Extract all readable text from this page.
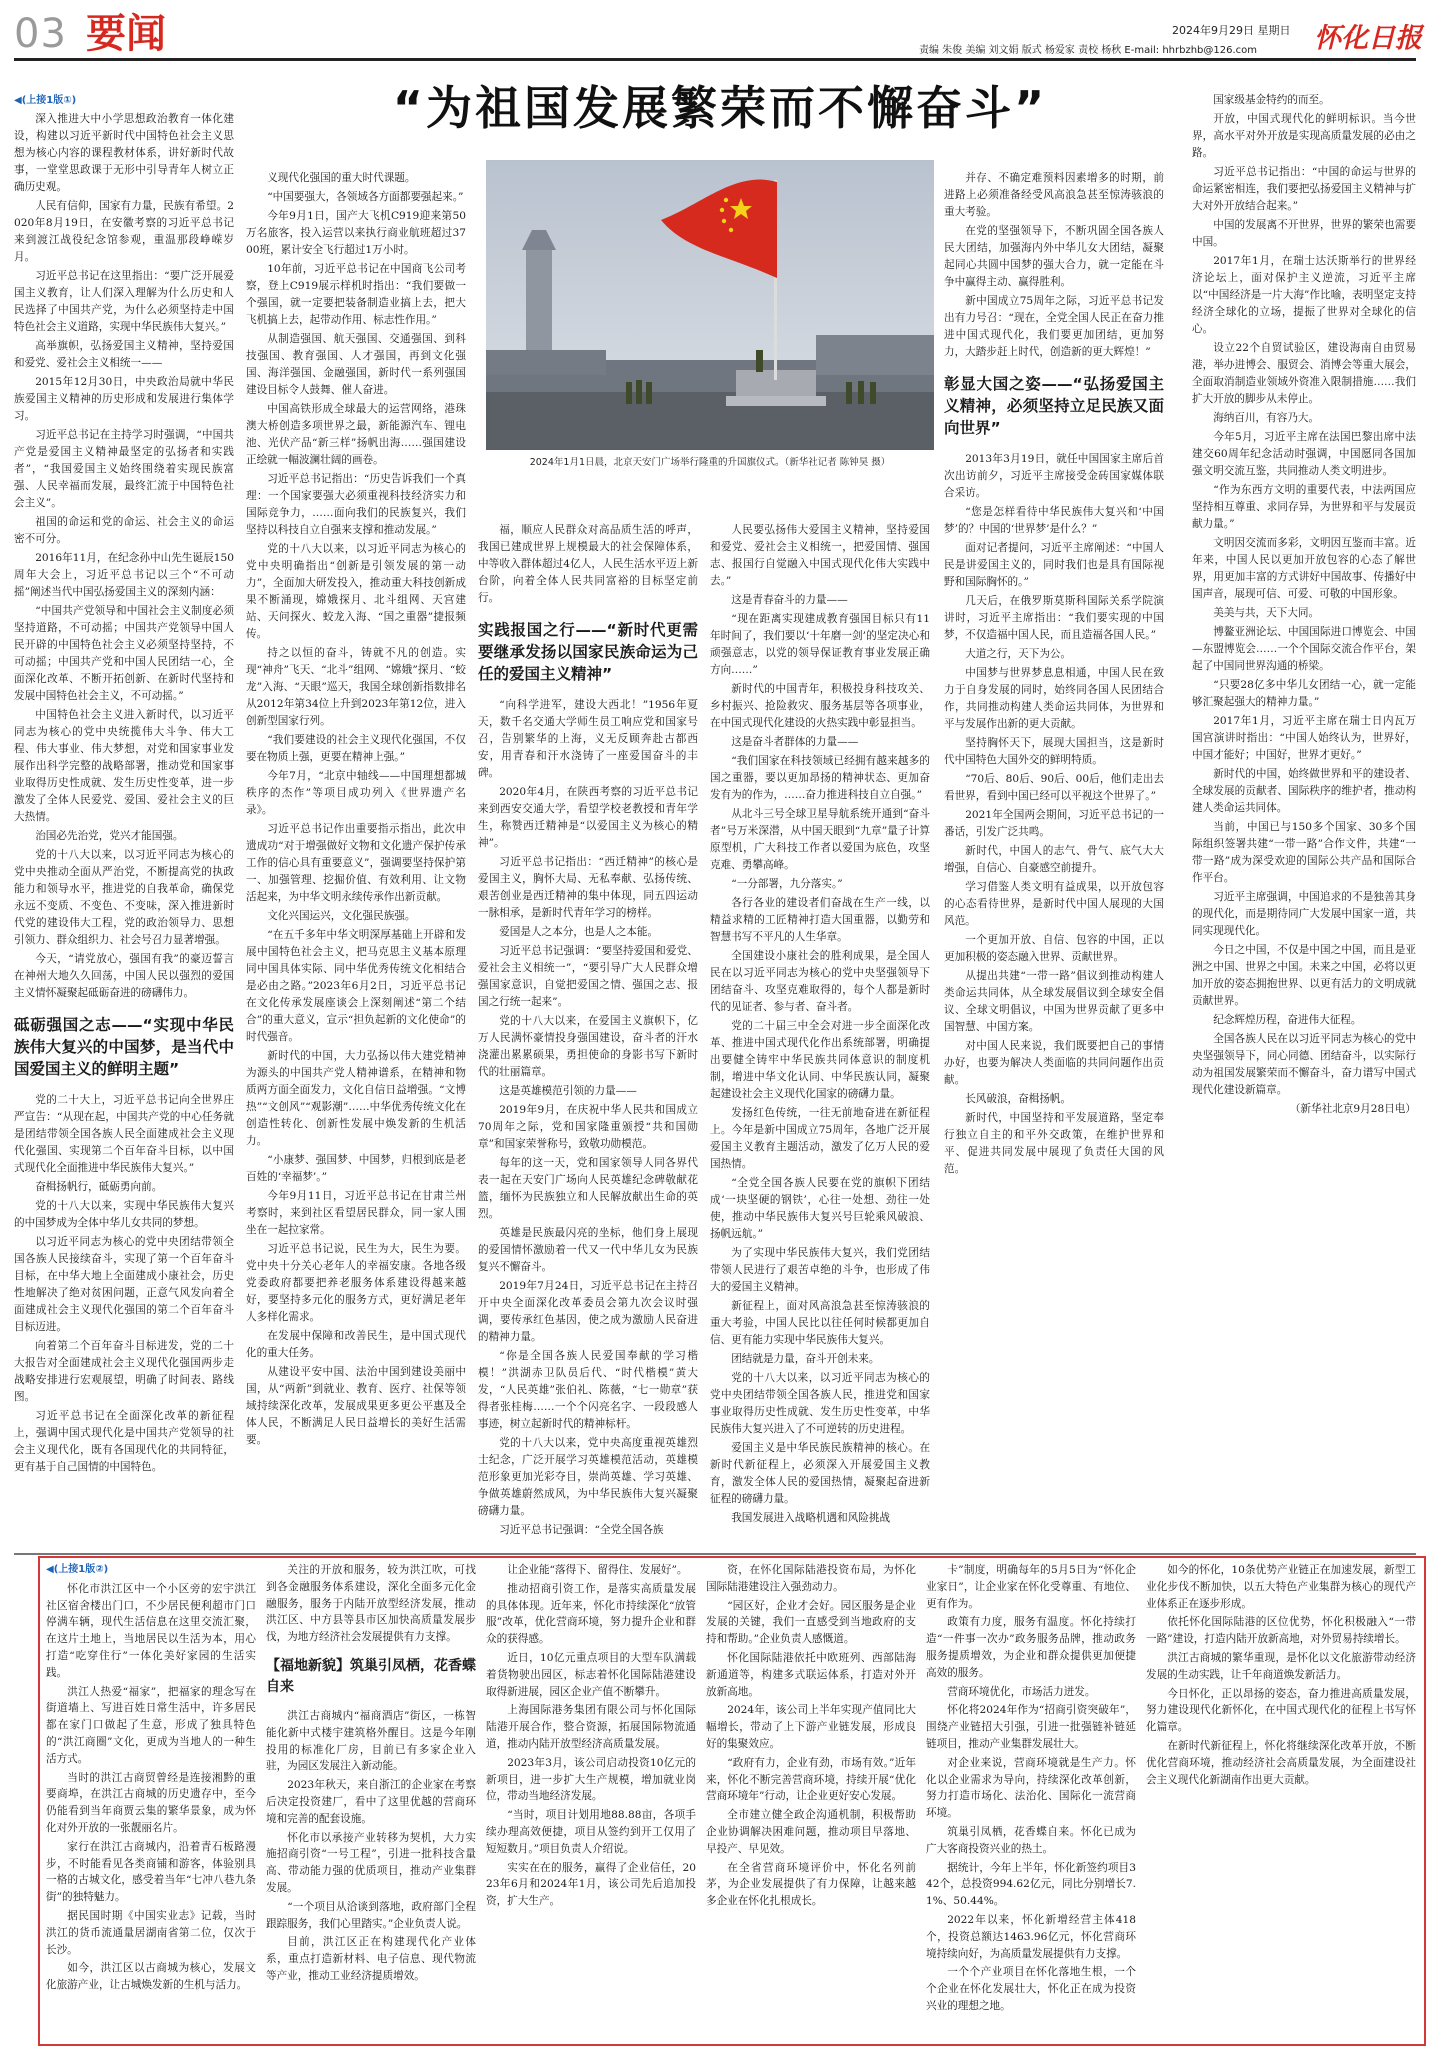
03 要闻	2024年9月29日 星期日
责编 朱俊 美编 刘文娟 版式 杨爱家 责校 杨秋 E-mail: hhrbzhb@126.com 怀化日报
“为祖国发展繁荣而不懈奋斗”
2024年1月1日晨，北京天安门广场举行隆重的升国旗仪式。（新华社记者 陈钟昊 摄）
◀(上接1版①)

深入推进大中小学思想政治教育一体化建设，构建以习近平新时代中国特色社会主义思想为核心内容的课程教材体系，讲好新时代故事，一堂堂思政课于无形中引导青年人树立正确历史观。

人民有信仰，国家有力量，民族有希望。2020年8月19日，在安徽考察的习近平总书记来到渡江战役纪念馆参观，重温那段峥嵘岁月。

习近平总书记在这里指出：“要广泛开展爱国主义教育，让人们深入理解为什么历史和人民选择了中国共产党，为什么必须坚持走中国特色社会主义道路，实现中华民族伟大复兴。”

高举旗帜，弘扬爱国主义精神，坚持爱国和爱党、爱社会主义相统一——

2015年12月30日，中央政治局就中华民族爱国主义精神的历史形成和发展进行集体学习。

习近平总书记在主持学习时强调，“中国共产党是爱国主义精神最坚定的弘扬者和实践者”，“我国爱国主义始终围绕着实现民族富强、人民幸福而发展，最终汇流于中国特色社会主义”。

祖国的命运和党的命运、社会主义的命运密不可分。

2016年11月，在纪念孙中山先生诞辰150周年大会上，习近平总书记以三个“不可动摇”阐述当代中国弘扬爱国主义的深刻内涵：

“中国共产党领导和中国社会主义制度必须坚持道路，不可动摇；中国共产党领导中国人民开辟的中国特色社会主义必须坚持坚持，不可动摇；中国共产党和中国人民团结一心，全面深化改革、不断开拓创新、在新时代坚持和发展中国特色社会主义，不可动摇。”

中国特色社会主义进入新时代，以习近平同志为核心的党中央统揽伟大斗争、伟大工程、伟大事业、伟大梦想，对党和国家事业发展作出科学完整的战略部署，推动党和国家事业取得历史性成就、发生历史性变革，进一步激发了全体人民爱党、爱国、爱社会主义的巨大热情。

治国必先治党，党兴才能国强。

党的十八大以来，以习近平同志为核心的党中央推动全面从严治党，不断提高党的执政能力和领导水平，推进党的自我革命，确保党永远不变质、不变色、不变味，深入推进新时代党的建设伟大工程，党的政治领导力、思想引领力、群众组织力、社会号召力显著增强。

今天，“请党放心，强国有我”的豪迈誓言在神州大地久久回荡，中国人民以强烈的爱国主义情怀凝聚起砥砺奋进的磅礴伟力。

砥砺强国之志——“实现中华民族伟大复兴的中国梦，是当代中国爱国主义的鲜明主题”

党的二十大上，习近平总书记向全世界庄严宣告：“从现在起，中国共产党的中心任务就是团结带领全国各族人民全面建成社会主义现代化强国、实现第二个百年奋斗目标，以中国式现代化全面推进中华民族伟大复兴。”

奋楫扬帆行，砥砺勇向前。

党的十八大以来，实现中华民族伟大复兴的中国梦成为全体中华儿女共同的梦想。

以习近平同志为核心的党中央团结带领全国各族人民接续奋斗，实现了第一个百年奋斗目标，在中华大地上全面建成小康社会，历史性地解决了绝对贫困问题，正意气风发向着全面建成社会主义现代化强国的第二个百年奋斗目标迈进。

向着第二个百年奋斗目标进发，党的二十大报告对全面建成社会主义现代化强国两步走战略安排进行宏观展望，明确了时间表、路线图。

习近平总书记在全面深化改革的新征程上，强调中国式现代化是中国共产党领导的社会主义现代化，既有各国现代化的共同特征，更有基于自己国情的中国特色。

义现代化强国的重大时代课题。

“中国要强大，各领域各方面都要强起来。”

今年9月1日，国产大飞机C919迎来第50万名旅客，投入运营以来执行商业航班超过3700班，累计安全飞行超过1万小时。

10年前，习近平总书记在中国商飞公司考察，登上C919展示样机时指出：“我们要做一个强国，就一定要把装备制造业搞上去，把大飞机搞上去，起带动作用、标志性作用。”

从制造强国、航天强国、交通强国、到科技强国、教育强国、人才强国，再到文化强国、海洋强国、金融强国，新时代一系列强国建设目标令人鼓舞、催人奋进。

中国高铁形成全球最大的运营网络，港珠澳大桥创造多项世界之最，新能源汽车、锂电池、光伏产品“新三样”扬帆出海……强国建设正绘就一幅波澜壮阔的画卷。

习近平总书记指出：“历史告诉我们一个真理：一个国家要强大必须重视科技经济实力和国际竞争力，……面向我们的民族复兴，我们坚持以科技自立自强来支撑和推动发展。”

党的十八大以来，以习近平同志为核心的党中央明确指出“创新是引领发展的第一动力”，全面加大研发投入，推动重大科技创新成果不断涌现，嫦娥探月、北斗组网、天宫建站、天问探火、蛟龙入海、“国之重器”捷报频传。

持之以恒的奋斗，铸就不凡的创造。实现“神舟”飞天、“北斗”组网、“嫦娥”探月、“蛟龙”入海、“天眼”巡天，我国全球创新指数排名从2012年第34位上升到2023年第12位，进入创新型国家行列。

“我们要建设的社会主义现代化强国，不仅要在物质上强，更要在精神上强。”

今年7月，“北京中轴线——中国理想都城秩序的杰作”等项目成功列入《世界遗产名录》。

习近平总书记作出重要指示指出，此次申遗成功“对于增强做好文物和文化遗产保护传承工作的信心具有重要意义”，强调要坚持保护第一、加强管理、挖掘价值、有效利用、让文物活起来，为中华文明永续传承作出新贡献。

文化兴国运兴，文化强民族强。

“在五千多年中华文明深厚基础上开辟和发展中国特色社会主义，把马克思主义基本原理同中国具体实际、同中华优秀传统文化相结合是必由之路。”2023年6月2日，习近平总书记在文化传承发展座谈会上深刻阐述“第二个结合”的重大意义，宣示“担负起新的文化使命”的时代强音。

新时代的中国，大力弘扬以伟大建党精神为源头的中国共产党人精神谱系，在精神和物质两方面全面发力，文化自信日益增强。“文博热”“文创风”“观影潮”……中华优秀传统文化在创造性转化、创新性发展中焕发新的生机活力。

“小康梦、强国梦、中国梦，归根到底是老百姓的‘幸福梦’。”

今年9月11日，习近平总书记在甘肃兰州考察时，来到社区看望居民群众，同一家人围坐在一起拉家常。

习近平总书记说，民生为大，民生为要。党中央十分关心老年人的幸福安康。各地各级党委政府都要把养老服务体系建设得越来越好，要坚持多元化的服务方式，更好满足老年人多样化需求。

在发展中保障和改善民生，是中国式现代化的重大任务。

从建设平安中国、法治中国到建设美丽中国，从“两新”到就业、教育、医疗、社保等领域持续深化改革，发展成果更多更公平惠及全体人民，不断满足人民日益增长的美好生活需要。

福，顺应人民群众对高品质生活的呼声，我国已建成世界上规模最大的社会保障体系，中等收入群体超过4亿人，人民生活水平迈上新台阶，向着全体人民共同富裕的目标坚定前行。

实践报国之行——“新时代更需要继承发扬以国家民族命运为己任的爱国主义精神”

“向科学进军，建设大西北！”1956年夏天，数千名交通大学师生员工响应党和国家号召，告别繁华的上海，义无反顾奔赴古都西安，用青春和汗水浇铸了一座爱国奋斗的丰碑。

2020年4月，在陕西考察的习近平总书记来到西安交通大学，看望学校老教授和青年学生，称赞西迁精神是“以爱国主义为核心的精神”。

习近平总书记指出：“西迁精神”的核心是爱国主义，胸怀大局、无私奉献、弘扬传统、艰苦创业是西迁精神的集中体现，同五四运动一脉相承，是新时代青年学习的榜样。

爱国是人之本分，也是人之本能。

习近平总书记强调：“要坚持爱国和爱党、爱社会主义相统一”，“要引导广大人民群众增强国家意识，自觉把爱国之情、强国之志、报国之行统一起来”。

党的十八大以来，在爱国主义旗帜下，亿万人民满怀豪情投身强国建设，奋斗者的汗水浇灌出累累硕果，勇担使命的身影书写下新时代的壮丽篇章。

这是英雄模范引领的力量——

2019年9月，在庆祝中华人民共和国成立70周年之际，党和国家隆重颁授“共和国勋章”和国家荣誉称号，致敬功勋模范。

每年的这一天，党和国家领导人同各界代表一起在天安门广场向人民英雄纪念碑敬献花篮，缅怀为民族独立和人民解放献出生命的英烈。

英雄是民族最闪亮的坐标，他们身上展现的爱国情怀激励着一代又一代中华儿女为民族复兴不懈奋斗。

2019年7月24日，习近平总书记在主持召开中央全面深化改革委员会第九次会议时强调，要传承红色基因，使之成为激励人民奋进的精神力量。

“你是全国各族人民爱国奉献的学习楷模！”洪湖赤卫队员后代、“时代楷模”黄大发，“人民英雄”张伯礼、陈薇，“七一勋章”获得者张桂梅……一个个闪亮名字、一段段感人事迹，树立起新时代的精神标杆。

党的十八大以来，党中央高度重视英雄烈士纪念，广泛开展学习英雄模范活动，英雄模范形象更加光彩夺目，崇尚英雄、学习英雄、争做英雄蔚然成风，为中华民族伟大复兴凝聚磅礴力量。

习近平总书记强调：“全党全国各族

人民要弘扬伟大爱国主义精神，坚持爱国和爱党、爱社会主义相统一，把爱国情、强国志、报国行自觉融入中国式现代化伟大实践中去。”

这是青春奋斗的力量——

“现在距离实现建成教育强国目标只有11年时间了，我们要以‘十年磨一剑’的坚定决心和顽强意志，以党的领导保证教育事业发展正确方向……”

新时代的中国青年，积极投身科技攻关、乡村振兴、抢险救灾、服务基层等各项事业，在中国式现代化建设的火热实践中彰显担当。

这是奋斗者群体的力量——

“我们国家在科技领域已经拥有越来越多的国之重器，要以更加昂扬的精神状态、更加奋发有为的作为，……奋力推进科技自立自强。”

从北斗三号全球卫星导航系统开通到“奋斗者”号万米深潜，从中国天眼到“九章”量子计算原型机，广大科技工作者以爱国为底色，攻坚克难、勇攀高峰。

“一分部署，九分落实。”

各行各业的建设者们奋战在生产一线，以精益求精的工匠精神打造大国重器，以勤劳和智慧书写不平凡的人生华章。

全国建设小康社会的胜利成果，是全国人民在以习近平同志为核心的党中央坚强领导下团结奋斗、攻坚克难取得的，每个人都是新时代的见证者、参与者、奋斗者。

党的二十届三中全会对进一步全面深化改革、推进中国式现代化作出系统部署，明确提出要健全铸牢中华民族共同体意识的制度机制，增进中华文化认同、中华民族认同，凝聚起建设社会主义现代化国家的磅礴力量。

发扬红色传统，一往无前地奋进在新征程上。今年是新中国成立75周年，各地广泛开展爱国主义教育主题活动，激发了亿万人民的爱国热情。

“全党全国各族人民要在党的旗帜下团结成‘一块坚硬的钢铁’，心往一处想、劲往一处使，推动中华民族伟大复兴号巨轮乘风破浪、扬帆远航。”

为了实现中华民族伟大复兴，我们党团结带领人民进行了艰苦卓绝的斗争，也形成了伟大的爱国主义精神。

新征程上，面对风高浪急甚至惊涛骇浪的重大考验，中国人民比以往任何时候都更加自信、更有能力实现中华民族伟大复兴。

团结就是力量，奋斗开创未来。

党的十八大以来，以习近平同志为核心的党中央团结带领全国各族人民，推进党和国家事业取得历史性成就、发生历史性变革，中华民族伟大复兴进入了不可逆转的历史进程。

爱国主义是中华民族民族精神的核心。在新时代新征程上，必须深入开展爱国主义教育，激发全体人民的爱国热情，凝聚起奋进新征程的磅礴力量。

我国发展进入战略机遇和风险挑战

并存、不确定难预料因素增多的时期，前进路上必须准备经受风高浪急甚至惊涛骇浪的重大考验。

在党的坚强领导下，不断巩固全国各族人民大团结，加强海内外中华儿女大团结，凝聚起同心共圆中国梦的强大合力，就一定能在斗争中赢得主动、赢得胜利。

新中国成立75周年之际，习近平总书记发出有力号召：“现在，全党全国人民正在奋力推进中国式现代化，我们要更加团结，更加努力，大踏步赶上时代，创造新的更大辉煌！”

彰显大国之姿——“弘扬爱国主义精神，必须坚持立足民族又面向世界”

2013年3月19日，就任中国国家主席后首次出访前夕，习近平主席接受金砖国家媒体联合采访。

“您是怎样看待中华民族伟大复兴和‘中国梦’的？中国的‘世界梦’是什么？”

面对记者提问，习近平主席阐述：“中国人民是讲爱国主义的，同时我们也是具有国际视野和国际胸怀的。”

几天后，在俄罗斯莫斯科国际关系学院演讲时，习近平主席指出：“我们要实现的中国梦，不仅造福中国人民，而且造福各国人民。”

大道之行，天下为公。

中国梦与世界梦息息相通，中国人民在致力于自身发展的同时，始终同各国人民团结合作，共同推动构建人类命运共同体，为世界和平与发展作出新的更大贡献。

坚持胸怀天下，展现大国担当，这是新时代中国特色大国外交的鲜明特质。

“70后、80后、90后、00后，他们走出去看世界，看到中国已经可以平视这个世界了。”

2021年全国两会期间，习近平总书记的一番话，引发广泛共鸣。

新时代，中国人的志气、骨气、底气大大增强，自信心、自豪感空前提升。

学习借鉴人类文明有益成果，以开放包容的心态看待世界，是新时代中国人展现的大国风范。

一个更加开放、自信、包容的中国，正以更加积极的姿态融入世界、贡献世界。

从提出共建“一带一路”倡议到推动构建人类命运共同体，从全球发展倡议到全球安全倡议、全球文明倡议，中国为世界贡献了更多中国智慧、中国方案。

对中国人民来说，我们既要把自己的事情办好，也要为解决人类面临的共同问题作出贡献。

长风破浪，奋楫扬帆。

新时代，中国坚持和平发展道路，坚定奉行独立自主的和平外交政策，在维护世界和平、促进共同发展中展现了负责任大国的风范。

国家级基金特约的而至。

开放，中国式现代化的鲜明标识。当今世界，高水平对外开放是实现高质量发展的必由之路。

习近平总书记指出：“中国的命运与世界的命运紧密相连，我们要把弘扬爱国主义精神与扩大对外开放结合起来。”

中国的发展离不开世界，世界的繁荣也需要中国。

2017年1月，在瑞士达沃斯举行的世界经济论坛上，面对保护主义逆流，习近平主席以“中国经济是一片大海”作比喻，表明坚定支持经济全球化的立场，提振了世界对全球化的信心。

设立22个自贸试验区，建设海南自由贸易港，举办进博会、服贸会、消博会等重大展会，全面取消制造业领域外资准入限制措施……我们扩大开放的脚步从未停止。

海纳百川，有容乃大。

今年5月，习近平主席在法国巴黎出席中法建交60周年纪念活动时强调，中国愿同各国加强文明交流互鉴，共同推动人类文明进步。

“作为东西方文明的重要代表，中法两国应坚持相互尊重、求同存异，为世界和平与发展贡献力量。”

文明因交流而多彩，文明因互鉴而丰富。近年来，中国人民以更加开放包容的心态了解世界，用更加丰富的方式讲好中国故事、传播好中国声音，展现可信、可爱、可敬的中国形象。

美美与共，天下大同。

博鳌亚洲论坛、中国国际进口博览会、中国—东盟博览会……一个个国际交流合作平台，架起了中国同世界沟通的桥梁。

“只要28亿多中华儿女团结一心，就一定能够汇聚起强大的精神力量。”

2017年1月，习近平主席在瑞士日内瓦万国宫演讲时指出：“中国人始终认为，世界好，中国才能好；中国好，世界才更好。”

新时代的中国，始终做世界和平的建设者、全球发展的贡献者、国际秩序的维护者，推动构建人类命运共同体。

当前，中国已与150多个国家、30多个国际组织签署共建“一带一路”合作文件，共建“一带一路”成为深受欢迎的国际公共产品和国际合作平台。

习近平主席强调，中国追求的不是独善其身的现代化，而是期待同广大发展中国家一道，共同实现现代化。

今日之中国，不仅是中国之中国，而且是亚洲之中国、世界之中国。未来之中国，必将以更加开放的姿态拥抱世界、以更有活力的文明成就贡献世界。

纪念辉煌历程，奋进伟大征程。

全国各族人民在以习近平同志为核心的党中央坚强领导下，同心同德、团结奋斗，以实际行动为祖国发展繁荣而不懈奋斗，奋力谱写中国式现代化建设新篇章。

（新华社北京9月28日电）

◀(上接1版②)

怀化市洪江区中一个小区旁的宏宇洪江社区宿舍楼出门口，不少居民便利超市门口停满车辆，现代生活信息在这里交流汇聚，在这片土地上，当地居民以生活为本，用心打造“吃穿住行”一体化美好家园的生活实践。

洪江人热爱“福家”，把福家的理念写在街道墙上、写进百姓日常生活中，许多居民都在家门口做起了生意，形成了独具特色的“洪江商圈”文化，更成为当地人的一种生活方式。

当时的洪江古商贸曾经是连接湘黔的重要商埠，在洪江古商城的历史遗存中，至今仍能看到当年商贾云集的繁华景象，成为怀化对外开放的一张靓丽名片。

家行在洪江古商城内，沿着青石板路漫步，不时能看见各类商铺和游客，体验别具一格的古城文化，感受着当年“七冲八巷九条街”的独特魅力。

据民国时期《中国实业志》记载，当时洪江的货币流通量居湖南省第二位，仅次于长沙。

如今，洪江区以古商城为核心，发展文化旅游产业，让古城焕发新的生机与活力。

关注的开放和服务，较为洪江吹，可找到各金融服务体系建设，深化全面多元化金融服务，服务于内陆开放型经济发展，推动洪江区、中方县等县市区加快高质量发展步伐，为地方经济社会发展提供有力支撑。

【福地新貌】筑巢引凤栖，花香蝶自来

洪江古商城内“福商酒店”街区，一栋智能化新中式楼宇建筑格外醒目。这是今年刚投用的标准化厂房，目前已有多家企业入驻，为园区发展注入新动能。

2023年秋天，来自浙江的企业家在考察后决定投资建厂，看中了这里优越的营商环境和完善的配套设施。

怀化市以承接产业转移为契机，大力实施招商引资“一号工程”，引进一批科技含量高、带动能力强的优质项目，推动产业集群发展。

“一个项目从洽谈到落地，政府部门全程跟踪服务，我们心里踏实。”企业负责人说。

目前，洪江区正在构建现代化产业体系，重点打造新材料、电子信息、现代物流等产业，推动工业经济提质增效。

让企业能“落得下、留得住、发展好”。

推动招商引资工作，是落实高质量发展的具体体现。近年来，怀化市持续深化“放管服”改革，优化营商环境，努力提升企业和群众的获得感。

近日，10亿元重点项目的大型车队满载着货物驶出园区，标志着怀化国际陆港建设取得新进展，园区企业产值不断攀升。

上海国际港务集团有限公司与怀化国际陆港开展合作，整合资源，拓展国际物流通道，推动内陆开放型经济高质量发展。

2023年3月，该公司启动投资10亿元的新项目，进一步扩大生产规模，增加就业岗位，带动当地经济发展。

“当时，项目计划用地88.88亩，各项手续办理高效便捷，项目从签约到开工仅用了短短数月。”项目负责人介绍说。

实实在在的服务，赢得了企业信任，2023年6月和2024年1月，该公司先后追加投资，扩大生产。

资，在怀化国际陆港投资布局，为怀化国际陆港建设注入强劲动力。

“园区好，企业才会好。园区服务是企业发展的关键，我们一直感受到当地政府的支持和帮助。”企业负责人感慨道。

怀化国际陆港依托中欧班列、西部陆海新通道等，构建多式联运体系，打造对外开放新高地。

2024年，该公司上半年实现产值同比大幅增长，带动了上下游产业链发展，形成良好的集聚效应。

“政府有力，企业有劲，市场有效。”近年来，怀化不断完善营商环境，持续开展“优化营商环境年”行动，让企业更好安心发展。

全市建立健全政企沟通机制，积极帮助企业协调解决困难问题，推动项目早落地、早投产、早见效。

在全省营商环境评价中，怀化名列前茅，为企业发展提供了有力保障，让越来越多企业在怀化扎根成长。

卡”制度，明确每年的5月5日为“怀化企业家日”，让企业家在怀化受尊重、有地位、更有作为。

政策有力度，服务有温度。怀化持续打造“一件事一次办”政务服务品牌，推动政务服务提质增效，为企业和群众提供更加便捷高效的服务。

营商环境优化，市场活力迸发。

怀化将2024年作为“招商引资突破年”，围绕产业链招大引强，引进一批强链补链延链项目，推动产业集群发展壮大。

对企业来说，营商环境就是生产力。怀化以企业需求为导向，持续深化改革创新，努力打造市场化、法治化、国际化一流营商环境。

筑巢引凤栖，花香蝶自来。怀化已成为广大客商投资兴业的热土。

据统计，今年上半年，怀化新签约项目342个，总投资994.62亿元，同比分别增长7.1%、50.44%。

2022年以来，怀化新增经营主体418个，投资总额达1463.96亿元，怀化营商环境持续向好，为高质量发展提供有力支撑。

一个个产业项目在怀化落地生根，一个个企业在怀化发展壮大，怀化正在成为投资兴业的理想之地。

如今的怀化，10条优势产业链正在加速发展，新型工业化步伐不断加快，以五大特色产业集群为核心的现代产业体系正在逐步形成。

依托怀化国际陆港的区位优势，怀化积极融入“一带一路”建设，打造内陆开放新高地，对外贸易持续增长。

洪江古商城的繁华重现，是怀化以文化旅游带动经济发展的生动实践，让千年商道焕发新活力。

今日怀化，正以昂扬的姿态，奋力推进高质量发展，努力建设现代化新怀化，在中国式现代化的征程上书写怀化篇章。

在新时代新征程上，怀化将继续深化改革开放，不断优化营商环境，推动经济社会高质量发展，为全面建设社会主义现代化新湖南作出更大贡献。
